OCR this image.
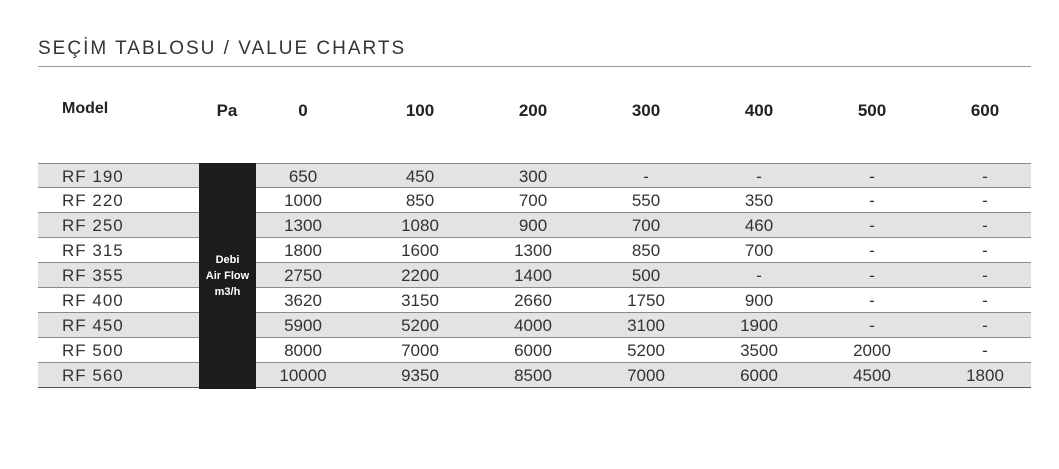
SEÇİM TABLOSU / VALUE CHARTS
Model	Pa	0	100	200	300	400	500	600
RF 190	650	450	300	-	-	-	-
RF 220	1000	850	700	550	350	-	-
RF 250	1300	1080	900	700	460	-	-
RF 315	1800	1600	1300	850	700	-	-
RF 355	2750	2200	1400	500	-	-	-
RF 400	3620	3150	2660	1750	900	-	-
RF 450	5900	5200	4000	3100	1900	-	-
RF 500	8000	7000	6000	5200	3500	2000	-
RF 560	10000	9350	8500	7000	6000	4500	1800
Debi
Air Flow
m3/h
